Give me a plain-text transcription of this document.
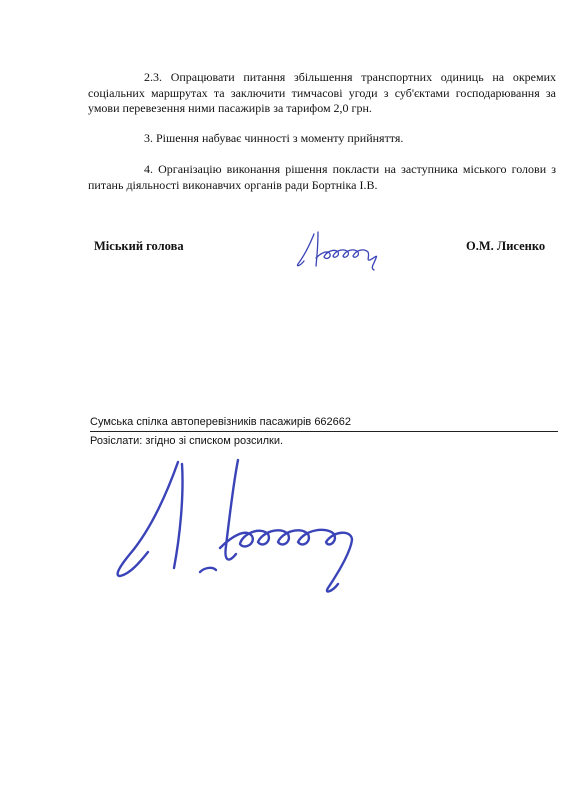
2.3. Опрацювати питання збільшення транспортних одиниць на окремих соціальних маршрутах та заключити тимчасові угоди з суб'єктами господарювання за умови перевезення ними пасажирів за тарифом 2,0 грн.

3. Рішення набуває чинності з моменту прийняття.

4. Організацію виконання рішення покласти на заступника міського голови з питань діяльності виконавчих органів ради Бортніка І.В.

Міський голова	О.М. Лисенко
Сумська спілка автоперевізників пасажирів 662662
Розіслати: згідно зі списком розсилки.
